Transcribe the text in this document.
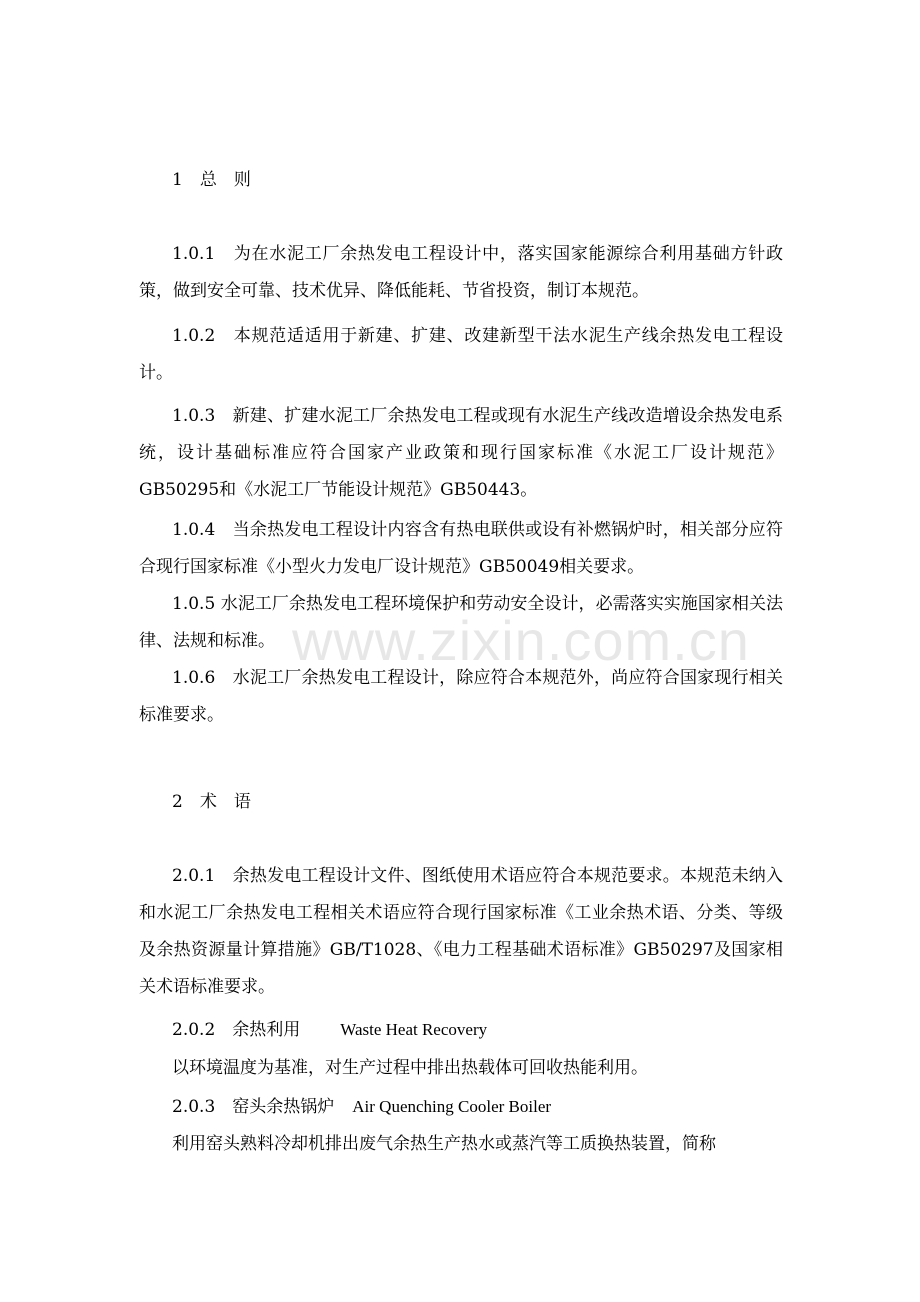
1　总　则

1.0.1　为在水泥工厂余热发电工程设计中，落实国家能源综合利用基础方针政策，做到安全可靠、技术优异、降低能耗、节省投资，制订本规范。

1.0.2　本规范适适用于新建、扩建、改建新型干法水泥生产线余热发电工程设计。

1.0.3　新建、扩建水泥工厂余热发电工程或现有水泥生产线改造增设余热发电系统，设计基础标准应符合国家产业政策和现行国家标准《水泥工厂设计规范》GB50295和《水泥工厂节能设计规范》GB50443。

1.0.4　当余热发电工程设计内容含有热电联供或设有补燃锅炉时，相关部分应符合现行国家标准《小型火力发电厂设计规范》GB50049相关要求。

1.0.5 水泥工厂余热发电工程环境保护和劳动安全设计，必需落实实施国家相关法律、法规和标准。

1.0.6　水泥工厂余热发电工程设计，除应符合本规范外，尚应符合国家现行相关标准要求。

2　术　语

2.0.1　余热发电工程设计文件、图纸使用术语应符合本规范要求。本规范未纳入和水泥工厂余热发电工程相关术语应符合现行国家标准《工业余热术语、分类、等级及余热资源量计算措施》GB/T1028、《电力工程基础术语标准》GB50297及国家相关术语标准要求。

2.0.2　 余热利用 Waste Heat Recovery
以环境温度为基准，对生产过程中排出热载体可回收热能利用。
2.0.3　 窑头余热锅炉 Air Quenching Cooler Boiler
利用窑头熟料冷却机排出废气余热生产热水或蒸汽等工质换热装置，简称
www.zixin.com.cn
